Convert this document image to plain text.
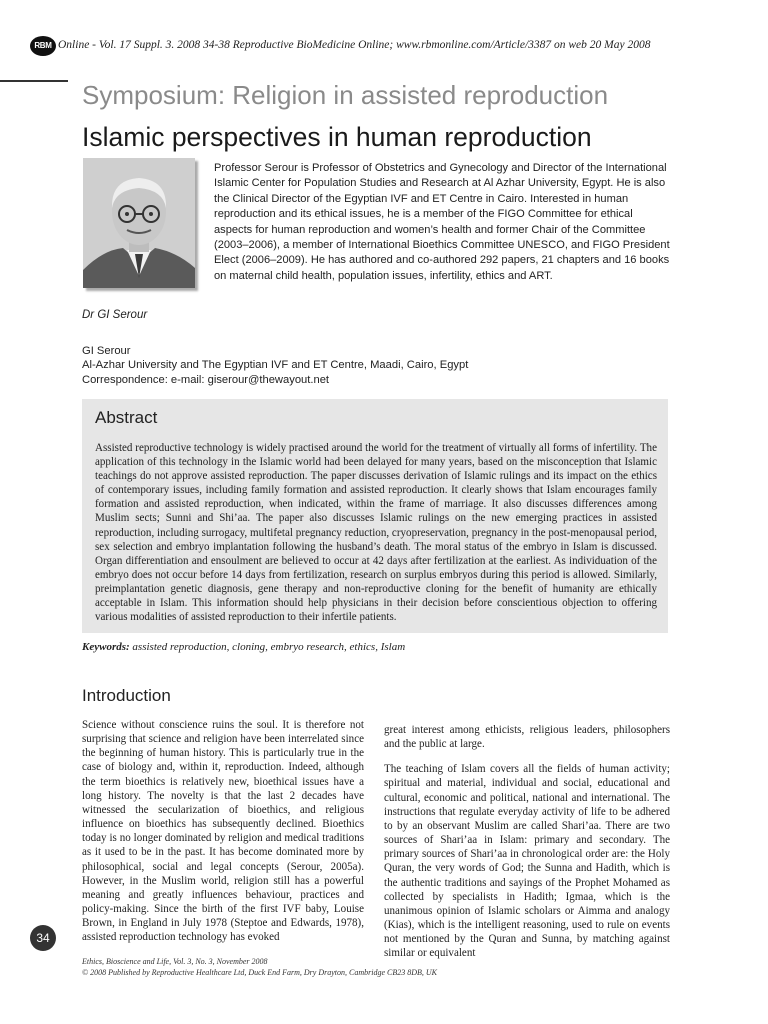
RBM Online - Vol. 17 Suppl. 3. 2008 34-38 Reproductive BioMedicine Online; www.rbmonline.com/Article/3387 on web 20 May 2008
Symposium: Religion in assisted reproduction
Islamic perspectives in human reproduction
Professor Serour is Professor of Obstetrics and Gynecology and Director of the International Islamic Center for Population Studies and Research at Al Azhar University, Egypt. He is also the Clinical Director of the Egyptian IVF and ET Centre in Cairo. Interested in human reproduction and its ethical issues, he is a member of the FIGO Committee for ethical aspects for human reproduction and women’s health and former Chair of the Committee (2003–2006), a member of International Bioethics Committee UNESCO, and FIGO President Elect (2006–2009). He has authored and co-authored 292 papers, 21 chapters and 16 books on maternal child health, population issues, infertility, ethics and ART.
Dr GI Serour
GI Serour
Al-Azhar University and The Egyptian IVF and ET Centre, Maadi, Cairo, Egypt
Correspondence: e-mail: giserour@thewayout.net
Abstract
Assisted reproductive technology is widely practised around the world for the treatment of virtually all forms of infertility. The application of this technology in the Islamic world had been delayed for many years, based on the misconception that Islamic teachings do not approve assisted reproduction. The paper discusses derivation of Islamic rulings and its impact on the ethics of contemporary issues, including family formation and assisted reproduction. It clearly shows that Islam encourages family formation and assisted reproduction, when indicated, within the frame of marriage. It also discusses differences among Muslim sects; Sunni and Shi’aa. The paper also discusses Islamic rulings on the new emerging practices in assisted reproduction, including surrogacy, multifetal pregnancy reduction, cryopreservation, pregnancy in the post-menopausal period, sex selection and embryo implantation following the husband’s death. The moral status of the embryo in Islam is discussed. Organ differentiation and ensoulment are believed to occur at 42 days after fertilization at the earliest. As individuation of the embryo does not occur before 14 days from fertilization, research on surplus embryos during this period is allowed. Similarly, preimplantation genetic diagnosis, gene therapy and non-reproductive cloning for the benefit of humanity are ethically acceptable in Islam. This information should help physicians in their decision before conscientious objection to offering various modalities of assisted reproduction to their infertile patients.
Keywords: assisted reproduction, cloning, embryo research, ethics, Islam
Introduction

Science without conscience ruins the soul. It is therefore not surprising that science and religion have been interrelated since the beginning of human history. This is particularly true in the case of biology and, within it, reproduction. Indeed, although the term bioethics is relatively new, bioethical issues have a long history. The novelty is that the last 2 decades have witnessed the secularization of bioethics, and religious influence on bioethics has subsequently declined. Bioethics today is no longer dominated by religion and medical traditions as it used to be in the past. It has become dominated more by philosophical, social and legal concepts (Serour, 2005a). However, in the Muslim world, religion still has a powerful meaning and greatly influences behaviour, practices and policy-making. Since the birth of the first IVF baby, Louise Brown, in England in July 1978 (Steptoe and Edwards, 1978), assisted reproduction technology has evoked

great interest among ethicists, religious leaders, philosophers and the public at large.

The teaching of Islam covers all the fields of human activity; spiritual and material, individual and social, educational and cultural, economic and political, national and international. The instructions that regulate everyday activity of life to be adhered to by an observant Muslim are called Shari’aa. There are two sources of Shari’aa in Islam: primary and secondary. The primary sources of Shari’aa in chronological order are: the Holy Quran, the very words of God; the Sunna and Hadith, which is the authentic traditions and sayings of the Prophet Mohamed as collected by specialists in Hadith; Igmaa, which is the unanimous opinion of Islamic scholars or Aimma and analogy (Kias), which is the intelligent reasoning, used to rule on events not mentioned by the Quran and Sunna, by matching against similar or equivalent

34
Ethics, Bioscience and Life, Vol. 3, No. 3, November 2008
© 2008 Published by Reproductive Healthcare Ltd, Duck End Farm, Dry Drayton, Cambridge CB23 8DB, UK
